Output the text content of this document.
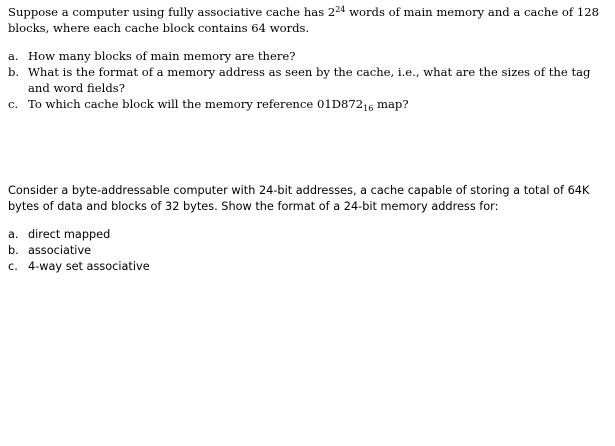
Suppose a computer using fully associative cache has $2^{24}$ words of main memory and a cache of 128 blocks, where each cache block contains 64 words.

a. How many blocks of main memory are there?
b. What is the format of a memory address as seen by the cache, i.e., what are the sizes of the tag and word fields?
c. To which cache block will the memory reference $01D872_{16}$ map?

Consider a byte-addressable computer with 24-bit addresses, a cache capable of storing a total of 64K bytes of data and blocks of 32 bytes. Show the format of a 24-bit memory address for:

a. direct mapped
b. associative
c. 4-way set associative
